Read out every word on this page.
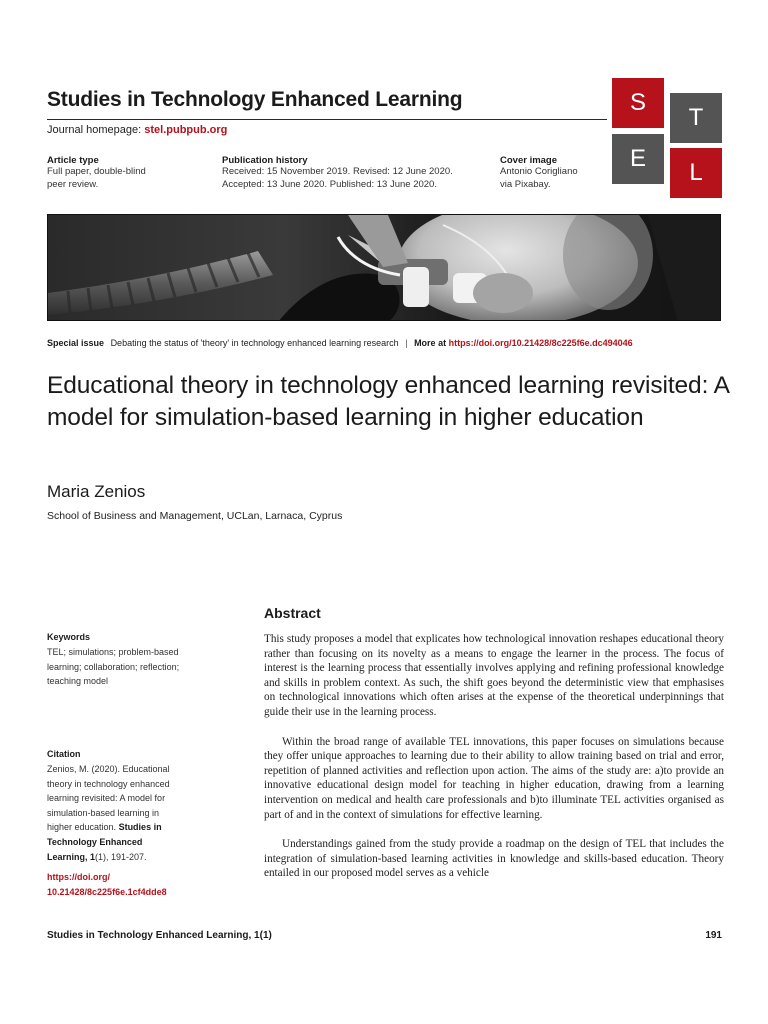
Studies in Technology Enhanced Learning
Journal homepage: stel.pubpub.org
S
T
E
L
Article type
Full paper, double-blind
peer review.
Publication history
Received: 15 November 2019. Revised: 12 June 2020.
Accepted: 13 June 2020. Published: 13 June 2020.
Cover image
Antonio Corigliano
via Pixabay.
Special issue Debating the status of 'theory' in technology enhanced learning research | More at https://doi.org/10.21428/8c225f6e.dc494046
Educational theory in technology enhanced learning revisited: A model for simulation-based learning in higher education
Maria Zenios
School of Business and Management, UCLan, Larnaca, Cyprus
Keywords
TEL; simulations; problem-based
learning; collaboration; reflection;
teaching model
Citation
Zenios, M. (2020). Educational
theory in technology enhanced
learning revisited: A model for
simulation-based learning in
higher education. Studies in
Technology Enhanced
Learning, 1(1), 191-207.
https://doi.org/
10.21428/8c225f6e.1cf4dde8
Abstract

This study proposes a model that explicates how technological innovation reshapes educational theory rather than focusing on its novelty as a means to engage the learner in the process. The focus of interest is the learning process that essentially involves applying and refining professional knowledge and skills in problem context. As such, the shift goes beyond the deterministic view that emphasises on technological innovations which often arises at the expense of the theoretical underpinnings that guide their use in the learning process.

Within the broad range of available TEL innovations, this paper focuses on simulations because they offer unique approaches to learning due to their ability to allow training based on trial and error, repetition of planned activities and reflection upon action. The aims of the study are: a)to provide an innovative educational design model for teaching in higher education, drawing from a learning intervention on medical and health care professionals and b)to illuminate TEL activities organised as part of and in the context of simulations for effective learning.

Understandings gained from the study provide a roadmap on the design of TEL that includes the integration of simulation-based learning activities in knowledge and skills-based education. Theory entailed in our proposed model serves as a vehicle

Studies in Technology Enhanced Learning, 1(1)	191
